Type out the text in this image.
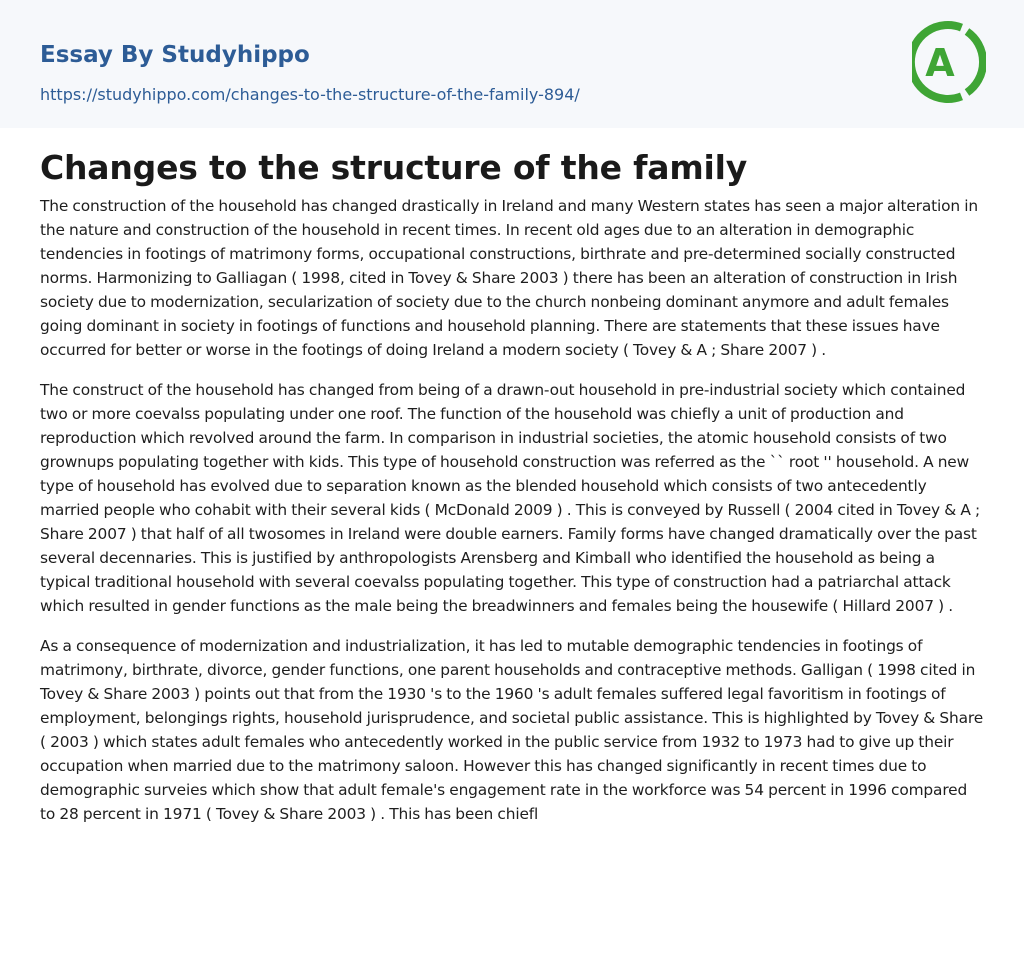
Essay By Studyhippo
https://studyhippo.com/changes-to-the-structure-of-the-family-894/
A
Changes to the structure of the family

The construction of the household has changed drastically in Ireland and many Western states has seen a major alteration in the nature and construction of the household in recent times. In recent old ages due to an alteration in demographic tendencies in footings of matrimony forms, occupational constructions, birthrate and pre-determined socially constructed norms. Harmonizing to Galliagan ( 1998, cited in Tovey & Share 2003 ) there has been an alteration of construction in Irish society due to modernization, secularization of society due to the church nonbeing dominant anymore and adult females going dominant in society in footings of functions and household planning. There are statements that these issues have occurred for better or worse in the footings of doing Ireland a modern society ( Tovey & A ; Share 2007 ) .

The construct of the household has changed from being of a drawn-out household in pre-industrial society which contained two or more coevalss populating under one roof. The function of the household was chiefly a unit of production and reproduction which revolved around the farm. In comparison in industrial societies, the atomic household consists of two grownups populating together with kids. This type of household construction was referred as the `` root '' household. A new type of household has evolved due to separation known as the blended household which consists of two antecedently married people who cohabit with their several kids ( McDonald 2009 ) . This is conveyed by Russell ( 2004 cited in Tovey & A ; Share 2007 ) that half of all twosomes in Ireland were double earners. Family forms have changed dramatically over the past several decennaries. This is justified by anthropologists Arensberg and Kimball who identified the household as being a typical traditional household with several coevalss populating together. This type of construction had a patriarchal attack which resulted in gender functions as the male being the breadwinners and females being the housewife ( Hillard 2007 ) .

As a consequence of modernization and industrialization, it has led to mutable demographic tendencies in footings of matrimony, birthrate, divorce, gender functions, one parent households and contraceptive methods. Galligan ( 1998 cited in Tovey & Share 2003 ) points out that from the 1930 's to the 1960 's adult females suffered legal favoritism in footings of employment, belongings rights, household jurisprudence, and societal public assistance. This is highlighted by Tovey & Share ( 2003 ) which states adult females who antecedently worked in the public service from 1932 to 1973 had to give up their occupation when married due to the matrimony saloon. However this has changed significantly in recent times due to demographic surveies which show that adult female's engagement rate in the workforce was 54 percent in 1996 compared to 28 percent in 1971 ( Tovey & Share 2003 ) . This has been chiefl
